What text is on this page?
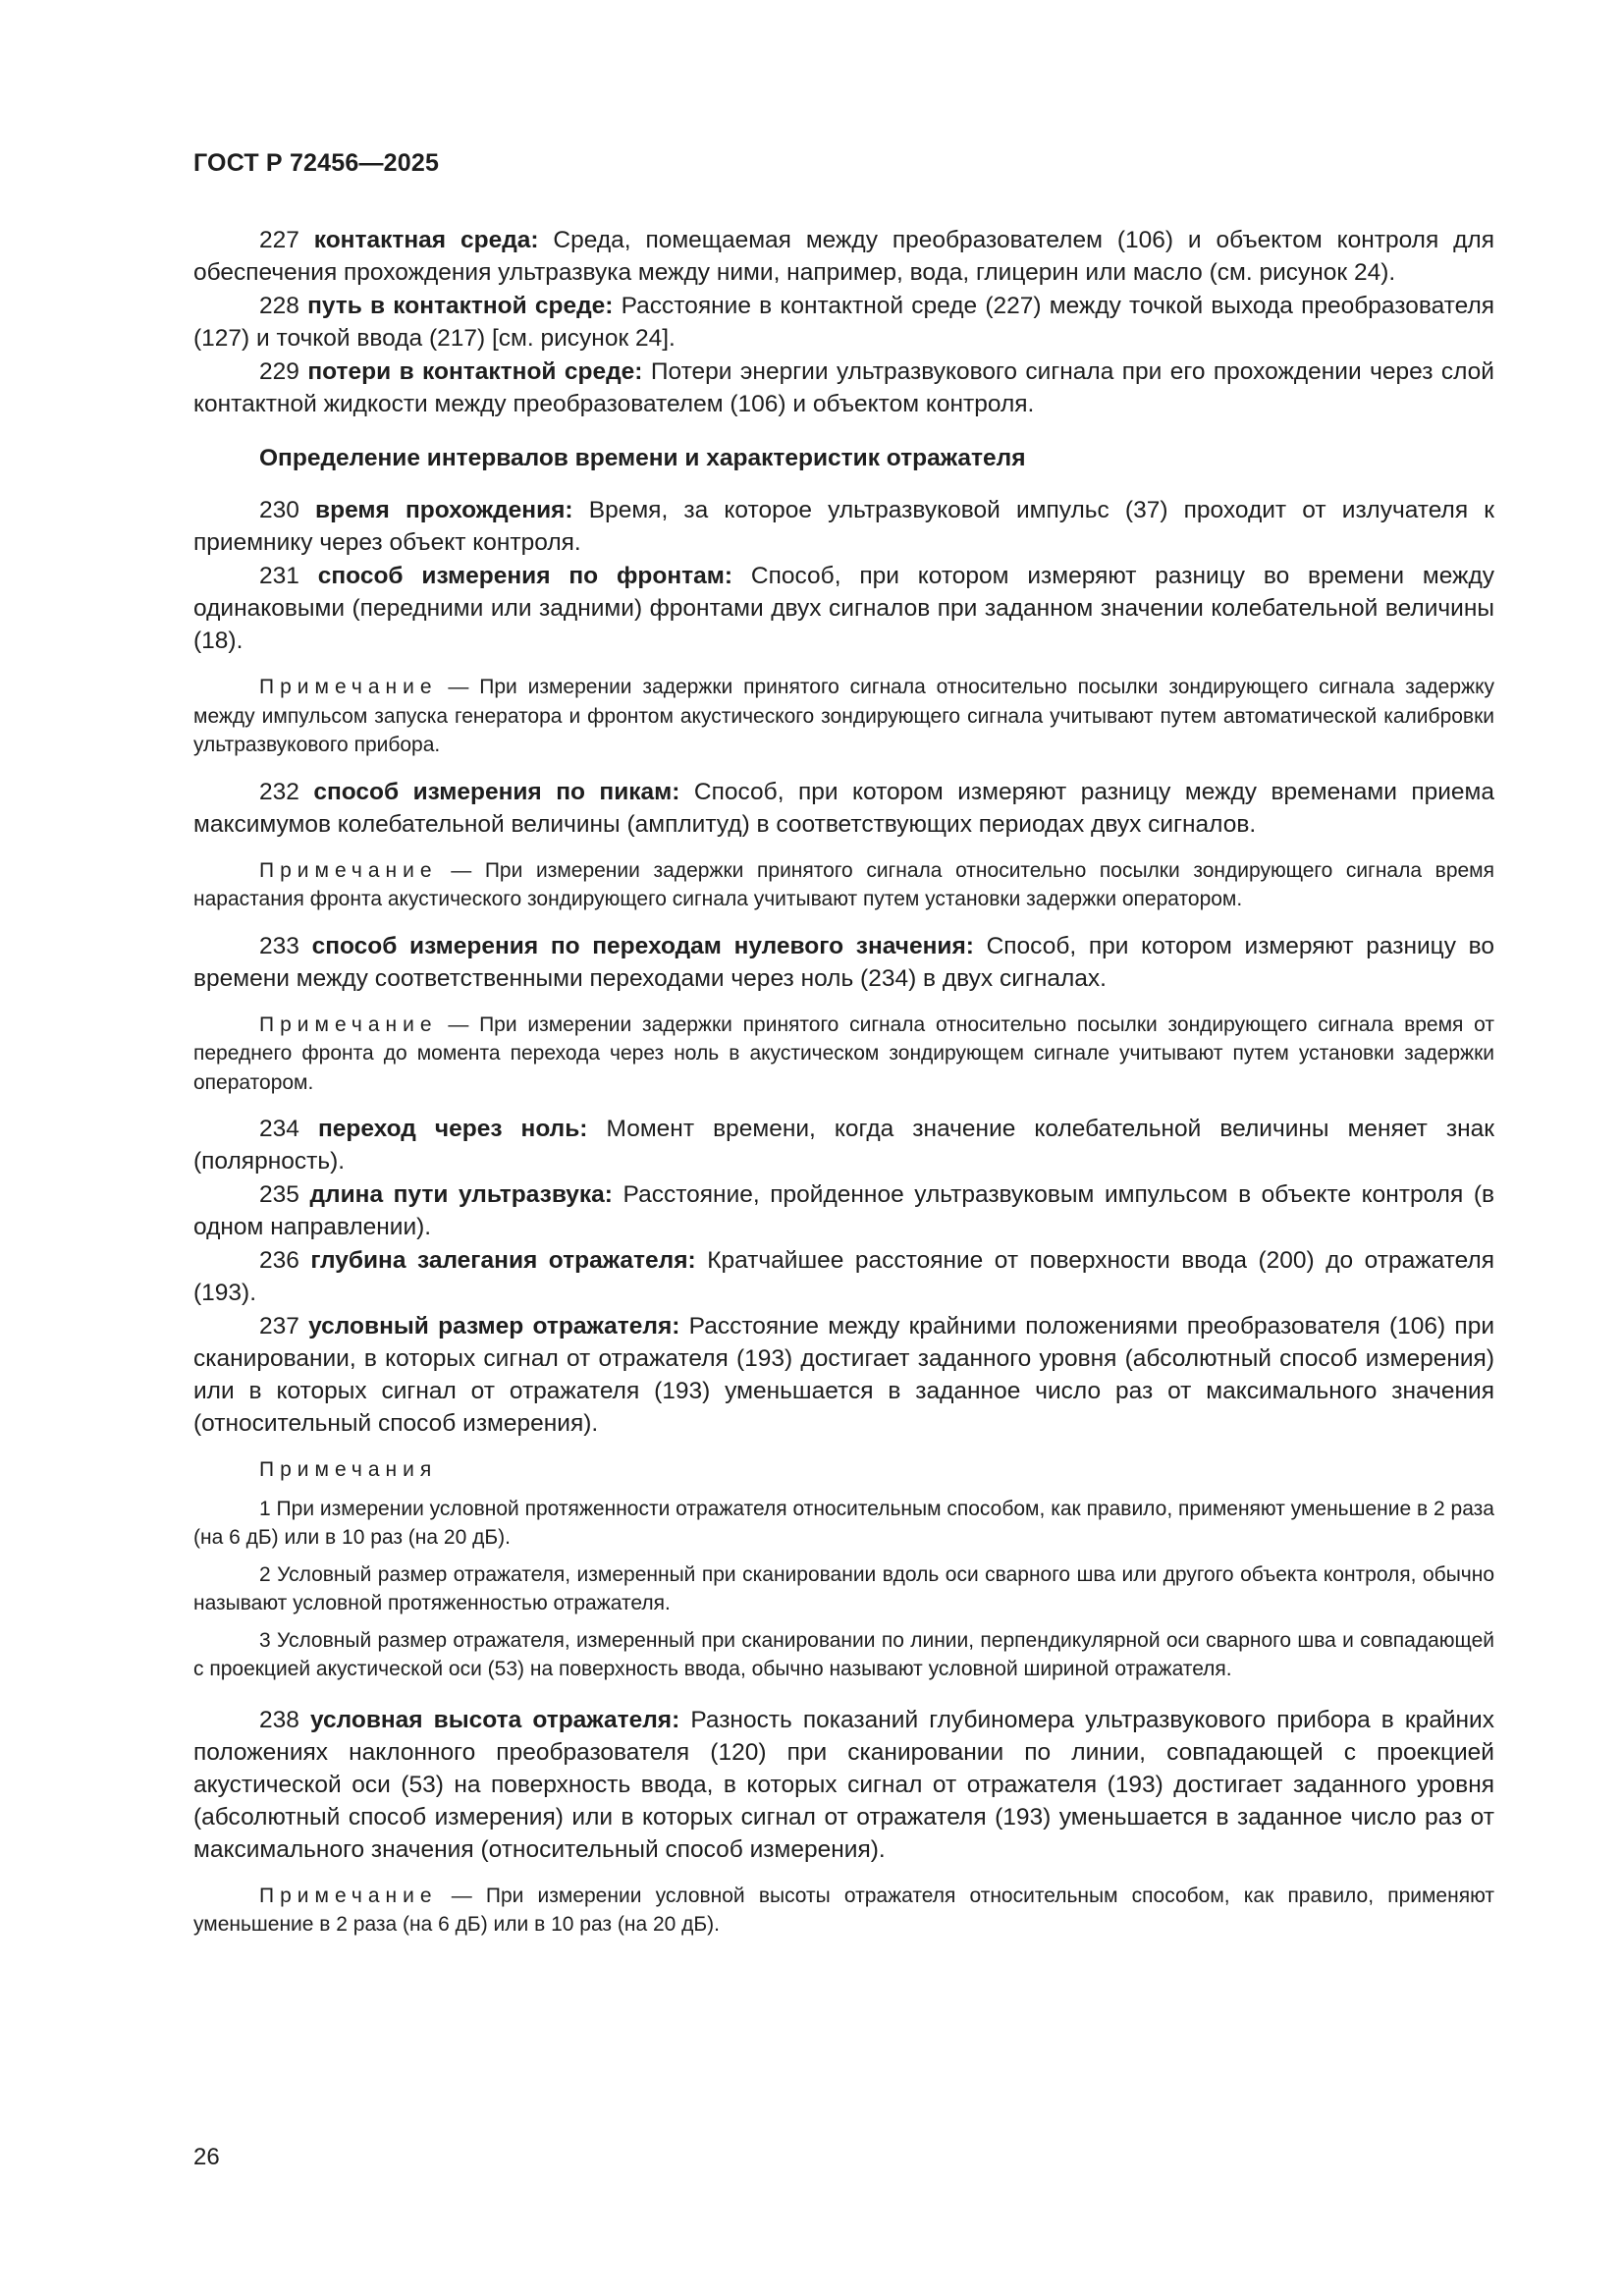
ГОСТ Р 72456—2025

227 контактная среда: Среда, помещаемая между преобразователем (106) и объектом контроля для обеспечения прохождения ультразвука между ними, например, вода, глицерин или масло (см. рисунок 24).

228 путь в контактной среде: Расстояние в контактной среде (227) между точкой выхода преобразователя (127) и точкой ввода (217) [см. рисунок 24].

229 потери в контактной среде: Потери энергии ультразвукового сигнала при его прохождении через слой контактной жидкости между преобразователем (106) и объектом контроля.

Определение интервалов времени и характеристик отражателя

230 время прохождения: Время, за которое ультразвуковой импульс (37) проходит от излучателя к приемнику через объект контроля.

231 способ измерения по фронтам: Способ, при котором измеряют разницу во времени между одинаковыми (передними или задними) фронтами двух сигналов при заданном значении колебательной величины (18).

Примечание — При измерении задержки принятого сигнала относительно посылки зондирующего сигнала задержку между импульсом запуска генератора и фронтом акустического зондирующего сигнала учитывают путем автоматической калибровки ультразвукового прибора.

232 способ измерения по пикам: Способ, при котором измеряют разницу между временами приема максимумов колебательной величины (амплитуд) в соответствующих периодах двух сигналов.

Примечание — При измерении задержки принятого сигнала относительно посылки зондирующего сигнала время нарастания фронта акустического зондирующего сигнала учитывают путем установки задержки оператором.

233 способ измерения по переходам нулевого значения: Способ, при котором измеряют разницу во времени между соответственными переходами через ноль (234) в двух сигналах.

Примечание — При измерении задержки принятого сигнала относительно посылки зондирующего сигнала время от переднего фронта до момента перехода через ноль в акустическом зондирующем сигнале учитывают путем установки задержки оператором.

234 переход через ноль: Момент времени, когда значение колебательной величины меняет знак (полярность).

235 длина пути ультразвука: Расстояние, пройденное ультразвуковым импульсом в объекте контроля (в одном направлении).

236 глубина залегания отражателя: Кратчайшее расстояние от поверхности ввода (200) до отражателя (193).

237 условный размер отражателя: Расстояние между крайними положениями преобразователя (106) при сканировании, в которых сигнал от отражателя (193) достигает заданного уровня (абсолютный способ измерения) или в которых сигнал от отражателя (193) уменьшается в заданное число раз от максимального значения (относительный способ измерения).

Примечания

1 При измерении условной протяженности отражателя относительным способом, как правило, применяют уменьшение в 2 раза (на 6 дБ) или в 10 раз (на 20 дБ).

2 Условный размер отражателя, измеренный при сканировании вдоль оси сварного шва или другого объекта контроля, обычно называют условной протяженностью отражателя.

3 Условный размер отражателя, измеренный при сканировании по линии, перпендикулярной оси сварного шва и совпадающей с проекцией акустической оси (53) на поверхность ввода, обычно называют условной шириной отражателя.

238 условная высота отражателя: Разность показаний глубиномера ультразвукового прибора в крайних положениях наклонного преобразователя (120) при сканировании по линии, совпадающей с проекцией акустической оси (53) на поверхность ввода, в которых сигнал от отражателя (193) достигает заданного уровня (абсолютный способ измерения) или в которых сигнал от отражателя (193) уменьшается в заданное число раз от максимального значения (относительный способ измерения).

Примечание — При измерении условной высоты отражателя относительным способом, как правило, применяют уменьшение в 2 раза (на 6 дБ) или в 10 раз (на 20 дБ).

26
